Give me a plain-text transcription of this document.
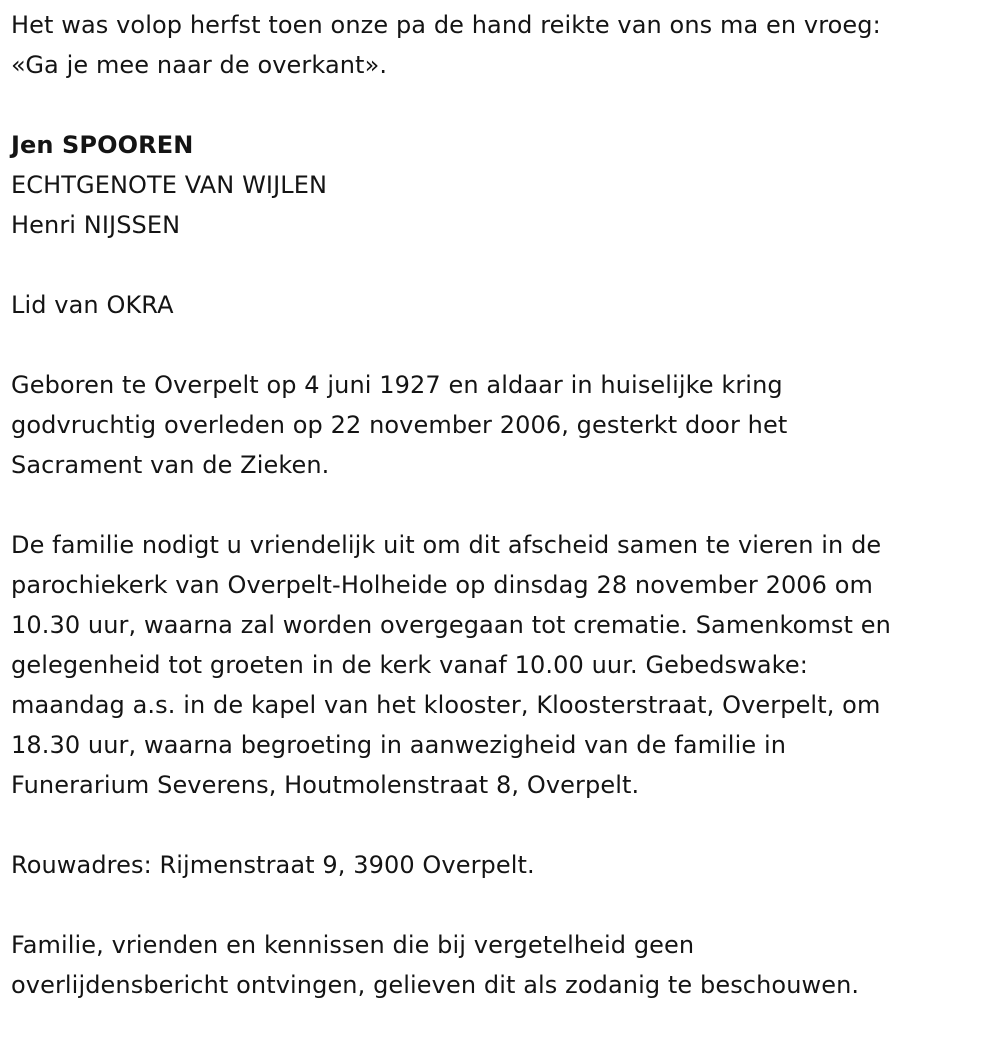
Het was volop herfst toen onze pa de hand reikte van ons ma en vroeg:
«Ga je mee naar de overkant».
Jen SPOOREN
ECHTGENOTE VAN WIJLEN
Henri NIJSSEN
Lid van OKRA
Geboren te Overpelt op 4 juni 1927 en aldaar in huiselijke kring
godvruchtig overleden op 22 november 2006, gesterkt door het
Sacrament van de Zieken.
De familie nodigt u vriendelijk uit om dit afscheid samen te vieren in de
parochiekerk van Overpelt-Holheide op dinsdag 28 november 2006 om
10.30 uur, waarna zal worden overgegaan tot crematie. Samenkomst en
gelegenheid tot groeten in de kerk vanaf 10.00 uur. Gebedswake:
maandag a.s. in de kapel van het klooster, Kloosterstraat, Overpelt, om
18.30 uur, waarna begroeting in aanwezigheid van de familie in
Funerarium Severens, Houtmolenstraat 8, Overpelt.
Rouwadres: Rijmenstraat 9, 3900 Overpelt.
Familie, vrienden en kennissen die bij vergetelheid geen
overlijdensbericht ontvingen, gelieven dit als zodanig te beschouwen.
